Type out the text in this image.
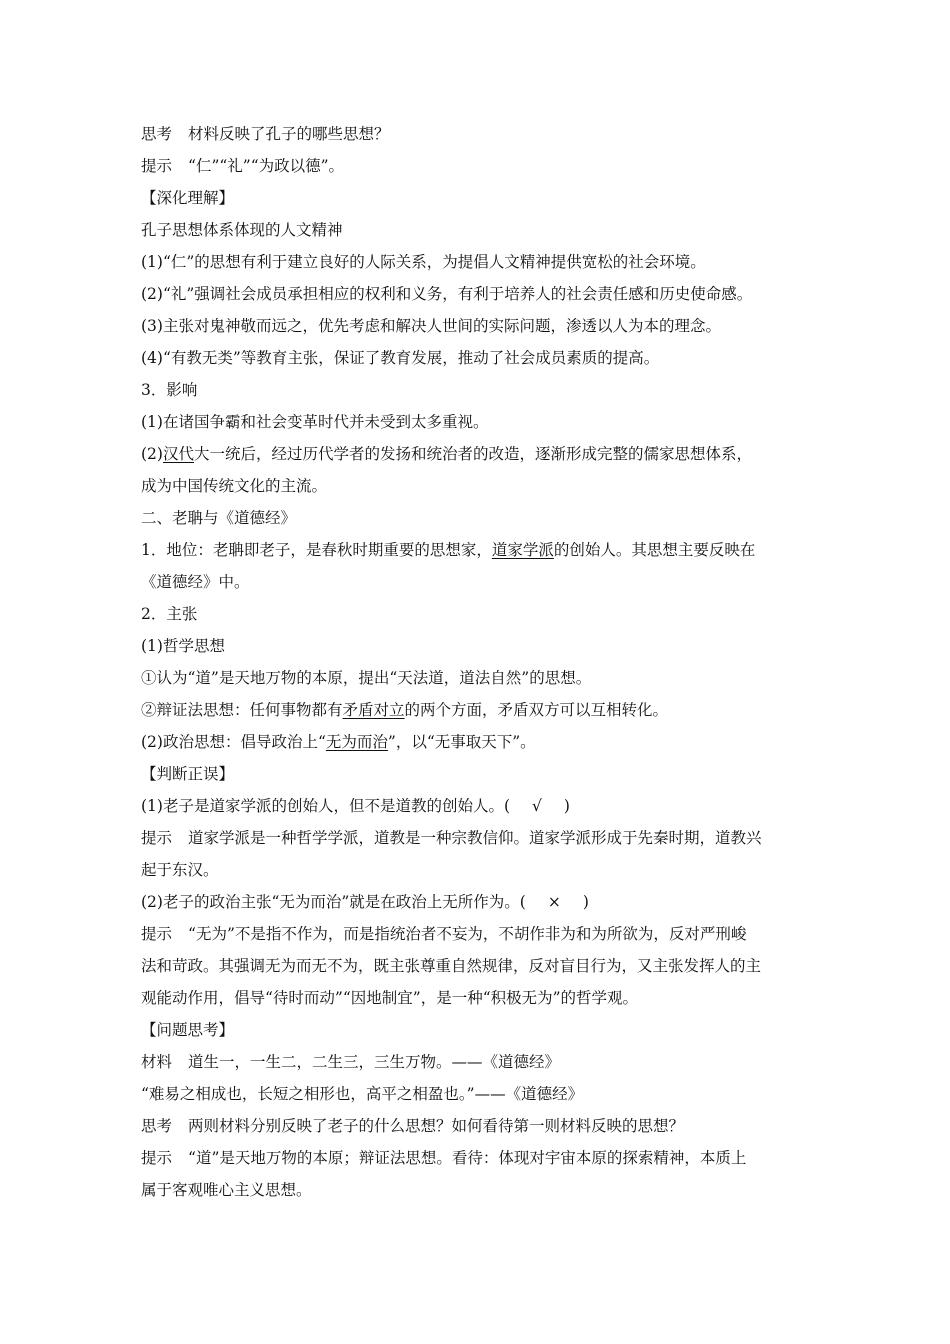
思考 材料反映了孔子的哪些思想？
提示 “仁”“礼”“为政以德”。
【深化理解】
孔子思想体系体现的人文精神
(1)“仁”的思想有利于建立良好的人际关系，为提倡人文精神提供宽松的社会环境。
(2)“礼”强调社会成员承担相应的权利和义务，有利于培养人的社会责任感和历史使命感。
(3)主张对鬼神敬而远之，优先考虑和解决人世间的实际问题，渗透以人为本的理念。
(4)“有教无类”等教育主张，保证了教育发展，推动了社会成员素质的提高。
3．影响
(1)在诸国争霸和社会变革时代并未受到太多重视。
(2)汉代大一统后，经过历代学者的发扬和统治者的改造，逐渐形成完整的儒家思想体系，
成为中国传统文化的主流。
二、老聃与《道德经》
1．地位：老聃即老子，是春秋时期重要的思想家，道家学派的创始人。其思想主要反映在
《道德经》中。
2．主张
(1)哲学思想
①认为“道”是天地万物的本原，提出“天法道，道法自然”的思想。
②辩证法思想：任何事物都有矛盾对立的两个方面，矛盾双方可以互相转化。
(2)政治思想：倡导政治上“无为而治”，以“无事取天下”。
【判断正误】
(1)老子是道家学派的创始人，但不是道教的创始人。( √ )
提示 道家学派是一种哲学学派，道教是一种宗教信仰。道家学派形成于先秦时期，道教兴
起于东汉。
(2)老子的政治主张“无为而治”就是在政治上无所作为。( × )
提示 “无为”不是指不作为，而是指统治者不妄为，不胡作非为和为所欲为，反对严刑峻
法和苛政。其强调无为而无不为，既主张尊重自然规律，反对盲目行为，又主张发挥人的主
观能动作用，倡导“待时而动”“因地制宜”，是一种“积极无为”的哲学观。
【问题思考】
材料 道生一，一生二，二生三，三生万物。——《道德经》
“难易之相成也，长短之相形也，高平之相盈也。”——《道德经》
思考 两则材料分别反映了老子的什么思想？如何看待第一则材料反映的思想？
提示 “道”是天地万物的本原；辩证法思想。看待：体现对宇宙本原的探索精神，本质上
属于客观唯心主义思想。
